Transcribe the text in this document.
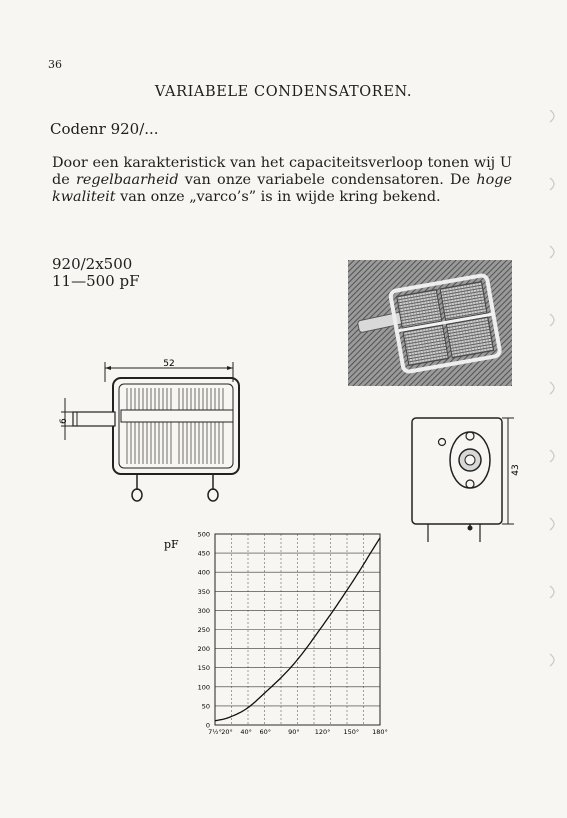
36
VARIABELE CONDENSATOREN.
Codenr 920/...
Door een karakteristick van het capaciteitsverloop tonen wij U de regelbaarheid van onze variabele condensatoren. De hoge kwaliteit van onze „varco’s” is in wijde kring bekend.
920/2x500
11—500 pF
52
6
43
pF
0
50
100
150
200
250
300
350
400
450
500
7½° 20° 40° 60°	90° 120° 150° 180°
